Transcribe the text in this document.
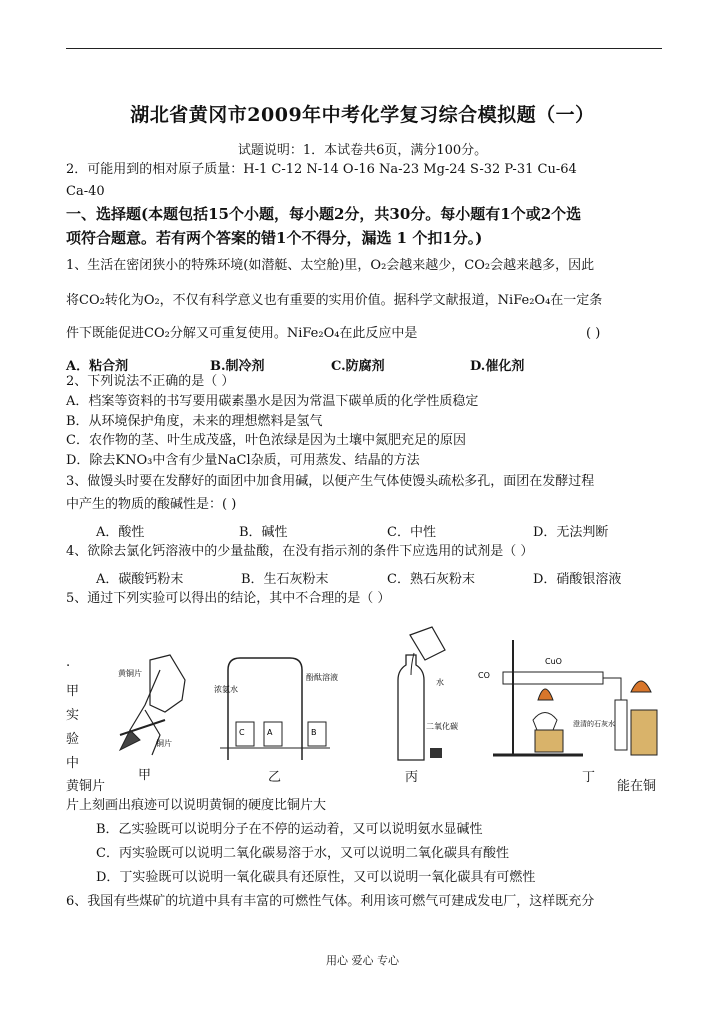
湖北省黄冈市2009年中考化学复习综合模拟题（一）
试题说明：1．本试卷共6页，满分100分。
2．可能用到的相对原子质量：H-1 C-12 N-14 O-16 Na-23 Mg-24 S-32 P-31 Cu-64
Ca-40
一、选择题(本题包括15个小题，每小题2分，共30分。每小题有1个或2个选
项符合题意。若有两个答案的错1个不得分，漏选 1 个扣1分。)
1、生活在密闭狭小的特殊环境(如潜艇、太空舱)里，O₂会越来越少，CO₂会越来越多，因此
将CO₂转化为O₂，不仅有科学意义也有重要的实用价值。据科学文献报道，NiFe₂O₄在一定条
件下既能促进CO₂分解又可重复使用。NiFe₂O₄在此反应中是	( )
A．粘合剂	B.制冷剂	C.防腐剂	D.催化剂
2、下列说法不正确的是（ ）
A．档案等资料的书写要用碳素墨水是因为常温下碳单质的化学性质稳定
B．从环境保护角度，未来的理想燃料是氢气
C．农作物的茎、叶生成茂盛，叶色浓绿是因为土壤中氮肥充足的原因
D．除去KNO₃中含有少量NaCl杂质，可用蒸发、结晶的方法
3、做馒头时要在发酵好的面团中加食用碱，以便产生气体使馒头疏松多孔，面团在发酵过程
中产生的物质的酸碱性是：( )
A．酸性	B．碱性	C．中性	D．无法判断
4、欲除去氯化钙溶液中的少量盐酸，在没有指示剂的条件下应选用的试剂是（ ）
A．碳酸钙粉末	B．生石灰粉末	C．熟石灰粉末	D．硝酸银溶液
5、通过下列实验可以得出的结论，其中不合理的是（ ）
.
甲
实
验
中
黄铜片	能在铜
黄铜片
铜片
甲
C	A	B
浓氨水
酚酞溶液
乙
水
二氧化碳
丙
CO
CuO
澄清的石灰水
丁
片上刻画出痕迹可以说明黄铜的硬度比铜片大
B．乙实验既可以说明分子在不停的运动着，又可以说明氨水显碱性
C．丙实验既可以说明二氧化碳易溶于水，又可以说明二氧化碳具有酸性
D．丁实验既可以说明一氧化碳具有还原性，又可以说明一氧化碳具有可燃性
6、我国有些煤矿的坑道中具有丰富的可燃性气体。利用该可燃气可建成发电厂，这样既充分
用心 爱心 专心
